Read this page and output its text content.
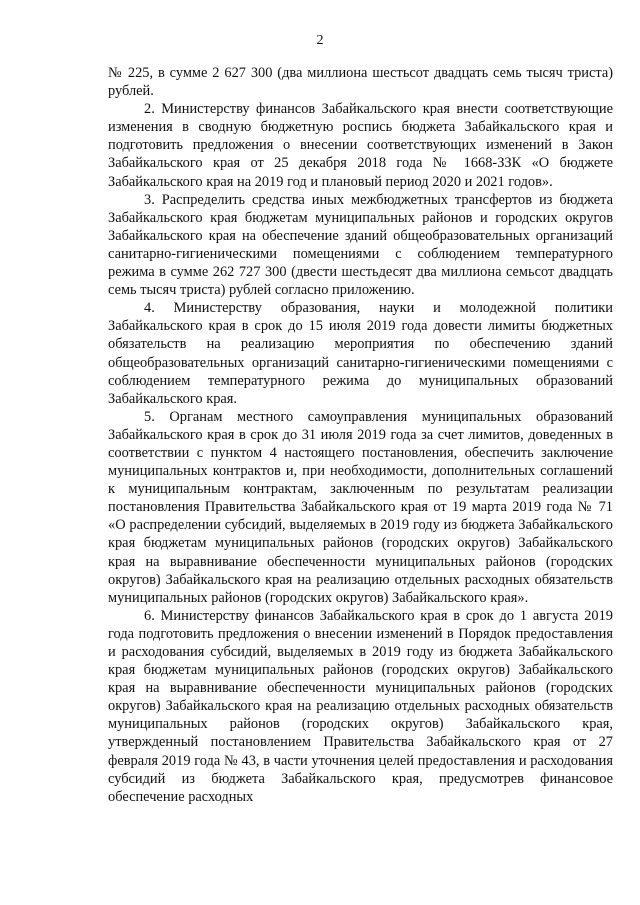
2

№ 225, в сумме 2 627 300 (два миллиона шестьсот двадцать семь тысяч триста) рублей.

2. Министерству финансов Забайкальского края внести соответствующие изменения в сводную бюджетную роспись бюджета Забайкальского края и подготовить предложения о внесении соответствующих изменений в Закон Забайкальского края от 25 декабря 2018 года № 1668-ЗЗК «О бюджете Забайкальского края на 2019 год и плановый период 2020 и 2021 годов».

3. Распределить средства иных межбюджетных трансфертов из бюджета Забайкальского края бюджетам муниципальных районов и городских округов Забайкальского края на обеспечение зданий общеобразовательных организаций санитарно-гигиеническими помещениями с соблюдением температурного режима в сумме 262 727 300 (двести шестьдесят два миллиона семьсот двадцать семь тысяч триста) рублей согласно приложению.

4. Министерству образования, науки и молодежной политики Забайкальского края в срок до 15 июля 2019 года довести лимиты бюджетных обязательств на реализацию мероприятия по обеспечению зданий общеобразовательных организаций санитарно-гигиеническими помещениями с соблюдением температурного режима до муниципальных образований Забайкальского края.

5. Органам местного самоуправления муниципальных образований Забайкальского края в срок до 31 июля 2019 года за счет лимитов, доведенных в соответствии с пунктом 4 настоящего постановления, обеспечить заключение муниципальных контрактов и, при необходимости, дополнительных соглашений к муниципальным контрактам, заключенным по результатам реализации постановления Правительства Забайкальского края от 19 марта 2019 года № 71 «О распределении субсидий, выделяемых в 2019 году из бюджета Забайкальского края бюджетам муниципальных районов (городских округов) Забайкальского края на выравнивание обеспеченности муниципальных районов (городских округов) Забайкальского края на реализацию отдельных расходных обязательств муниципальных районов (городских округов) Забайкальского края».

6. Министерству финансов Забайкальского края в срок до 1 августа 2019 года подготовить предложения о внесении изменений в Порядок предоставления и расходования субсидий, выделяемых в 2019 году из бюджета Забайкальского края бюджетам муниципальных районов (городских округов) Забайкальского края на выравнивание обеспеченности муниципальных районов (городских округов) Забайкальского края на реализацию отдельных расходных обязательств муниципальных районов (городских округов) Забайкальского края, утвержденный постановлением Правительства Забайкальского края от 27 февраля 2019 года № 43, в части уточнения целей предоставления и расходования субсидий из бюджета Забайкальского края, предусмотрев финансовое обеспечение расходных
